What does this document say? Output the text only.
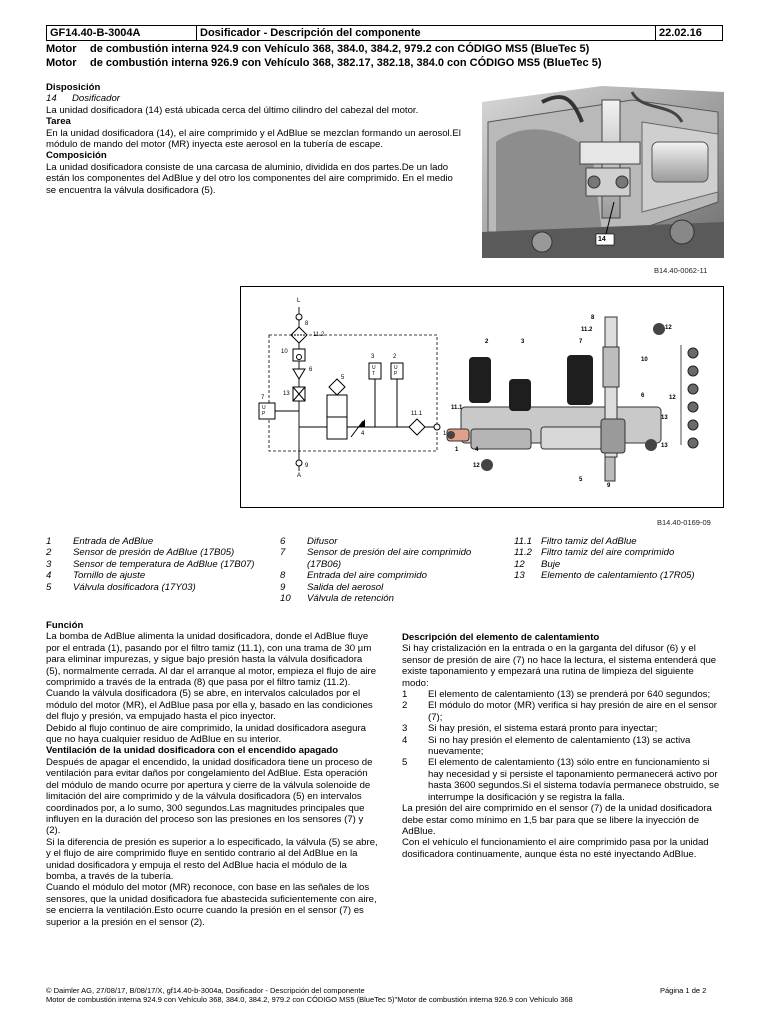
GF14.40-B-3004A	Dosificador - Descripción del componente	22.02.16
Motor de combustión interna 924.9 con Vehículo 368, 384.0, 384.2, 979.2 con CÓDIGO MS5 (BlueTec 5)
Motor de combustión interna 926.9 con Vehículo 368, 382.17, 382.18, 384.0 con CÓDIGO MS5 (BlueTec 5)

Disposición

14 Dosificador

La unidad dosificadora (14) está ubicada cerca del último cilindro del cabezal del motor.

Tarea

En la unidad dosificadora (14), el aire comprimido y el AdBlue se mezclan formando un aerosol.El módulo de mando del motor (MR) inyecta este aerosol en la tubería de escape.

Composición

La unidad dosificadora consiste de una carcasa de aluminio, dividida en dos partes.De un lado están los componentes del AdBlue y del otro los componentes del aire comprimido. En el medio se encuentra la válvula dosificadora (5).

14
B14.40-0062-11
L
8
11.2
10
6
5
3	2
U
T
U
P
7
U
P
13
11.1
1
4
9
A
8
11.2	12
2	3	7
10
11.1
6	12
13
1	4
13
12
5
9
B14.40-0169-09
1	Entrada de AdBlue
2	Sensor de presión de AdBlue (17B05)
3	Sensor de temperatura de AdBlue (17B07)
4	Tornillo de ajuste
5	Válvula dosificadora (17Y03)
6	Difusor
7	Sensor de presión del aire comprimido (17B06)
8	Entrada del aire comprimido
9	Salida del aerosol
10	Válvula de retención
11.1 Filtro tamiz del AdBlue
11.2 Filtro tamiz del aire comprimido
12	Buje
13	Elemento de calentamiento (17R05)

Función

La bomba de AdBlue alimenta la unidad dosificadora, donde el AdBlue fluye por el entrada (1), pasando por el filtro tamiz (11.1), con una trama de 30 µm para eliminar impurezas, y sigue bajo presión hasta la válvula dosificadora (5), normalmente cerrada. Al dar el arranque al motor, empieza el flujo de aire comprimido a través de la entrada (8) que pasa por el filtro tamiz (11.2).

Cuando la válvula dosificadora (5) se abre, en intervalos calculados por el módulo del motor (MR), el AdBlue pasa por ella y, basado en las condiciones del flujo y presión, va empujado hasta el pico inyector.

Debido al flujo continuo de aire comprimido, la unidad dosificadora asegura que no haya cualquier residuo de AdBlue en su interior.

Ventilación de la unidad dosificadora con el encendido apagado

Después de apagar el encendido, la unidad dosificadora tiene un proceso de ventilación para evitar daños por congelamiento del AdBlue. Esta operación del módulo de mando ocurre por apertura y cierre de la válvula solenoide de limitación del aire comprimido y de la válvula dosificadora (5) en intervalos coordinados por, a lo sumo, 300 segundos.Las magnitudes principales que influyen en la duración del proceso son las presiones en los sensores (7) y (2).

Si la diferencia de presión es superior a lo especificado, la válvula (5) se abre, y el flujo de aire comprimido fluye en sentido contrario al del AdBlue en la unidad dosificadora y empuja el resto del AdBlue hacia el módulo de la bomba, a través de la tubería.

Cuando el módulo del motor (MR) reconoce, con base en las señales de los sensores, que la unidad dosificadora fue abastecida suficientemente con aire, se encierra la ventilación.Esto ocurre cuando la presión en el sensor (7) es superior a la presión en el sensor (2).

Descripción del elemento de calentamiento

Si hay cristalización en la entrada o en la garganta del difusor (6) y el sensor de presión de aire (7) no hace la lectura, el sistema entenderá que existe taponamiento y empezará una rutina de limpieza del siguiente modo:

1	El elemento de calentamiento (13) se prenderá por 640 segundos;
2	El módulo do motor (MR) verifica si hay presión de aire en el sensor (7);
3	Si hay presión, el sistema estará pronto para inyectar;
4	Si no hay presión el elemento de calentamiento (13) se activa nuevamente;
5	El elemento de calentamiento (13) sólo entre en funcionamiento si hay necesidad y si persiste el taponamiento permanecerá activo por hasta 3600 segundos.Si el sistema todavía permanece obstruido, se interrumpe la dosificación y se registra la falla.

La presión del aire comprimido en el sensor (7) de la unidad dosificadora debe estar como mínimo en 1,5 bar para que se libere la inyección de AdBlue.

Con el vehículo el funcionamiento el aire comprimido pasa por la unidad dosificadora continuamente, aunque ésta no esté inyectando AdBlue.

© Daimler AG, 27/08/17, B/08/17/X, gf14.40-b-3004a, Dosificador - Descripción del componente	Página 1 de 2
Motor de combustión interna 924.9 con Vehículo 368, 384.0, 384.2, 979.2 con CÓDIGO MS5 (BlueTec 5)"Motor de combustión interna 926.9 con Vehículo 368
